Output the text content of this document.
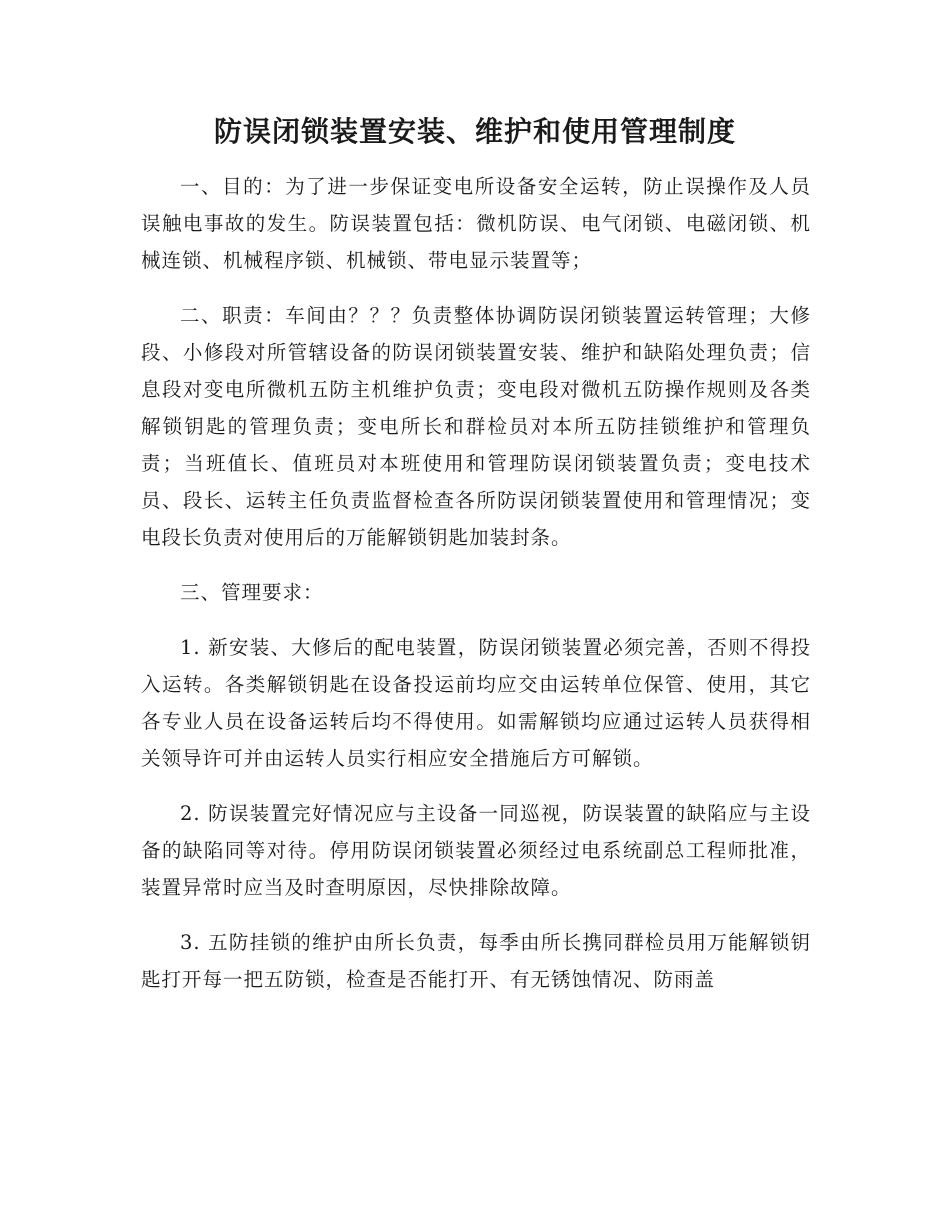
防误闭锁装置安装、维护和使用管理制度

一、目的：为了进一步保证变电所设备安全运转，防止误操作及人员误触电事故的发生。防误装置包括：微机防误、电气闭锁、电磁闭锁、机械连锁、机械程序锁、机械锁、带电显示装置等；

二、职责：车间由？？？负责整体协调防误闭锁装置运转管理；大修段、小修段对所管辖设备的防误闭锁装置安装、维护和缺陷处理负责；信息段对变电所微机五防主机维护负责；变电段对微机五防操作规则及各类解锁钥匙的管理负责；变电所长和群检员对本所五防挂锁维护和管理负责；当班值长、值班员对本班使用和管理防误闭锁装置负责；变电技术员、段长、运转主任负责监督检查各所防误闭锁装置使用和管理情况；变电段长负责对使用后的万能解锁钥匙加装封条。

三、管理要求：

1. 新安装、大修后的配电装置，防误闭锁装置必须完善，否则不得投入运转。各类解锁钥匙在设备投运前均应交由运转单位保管、使用，其它各专业人员在设备运转后均不得使用。如需解锁均应通过运转人员获得相关领导许可并由运转人员实行相应安全措施后方可解锁。

2. 防误装置完好情况应与主设备一同巡视，防误装置的缺陷应与主设备的缺陷同等对待。停用防误闭锁装置必须经过电系统副总工程师批准，装置异常时应当及时查明原因，尽快排除故障。

3. 五防挂锁的维护由所长负责，每季由所长携同群检员用万能解锁钥匙打开每一把五防锁，检查是否能打开、有无锈蚀情况、防雨盖
